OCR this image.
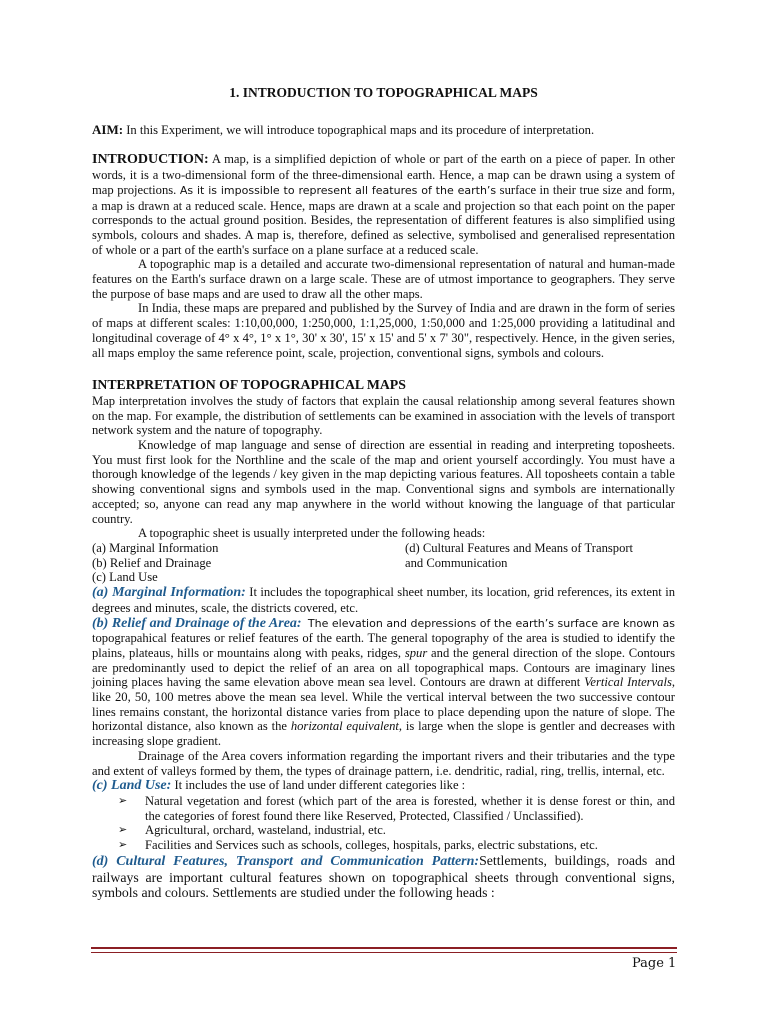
1. INTRODUCTION TO TOPOGRAPHICAL MAPS
AIM: In this Experiment, we will introduce topographical maps and its procedure of interpretation.

INTRODUCTION: A map, is a simplified depiction of whole or part of the earth on a piece of paper. In other words, it is a two-dimensional form of the three-dimensional earth. Hence, a map can be drawn using a system of map projections. As it is impossible to represent all features of the earth’s surface in their true size and form, a map is drawn at a reduced scale. Hence, maps are drawn at a scale and projection so that each point on the paper corresponds to the actual ground position. Besides, the representation of different features is also simplified using symbols, colours and shades. A map is, therefore, defined as selective, symbolised and generalised representation of whole or a part of the earth's surface on a plane surface at a reduced scale.

A topographic map is a detailed and accurate two-dimensional representation of natural and human-made features on the Earth's surface drawn on a large scale. These are of utmost importance to geographers. They serve the purpose of base maps and are used to draw all the other maps.

In India, these maps are prepared and published by the Survey of India and are drawn in the form of series of maps at different scales: 1:10,00,000, 1:250,000, 1:1,25,000, 1:50,000 and 1:25,000 providing a latitudinal and longitudinal coverage of 4° x 4°, 1° x 1°, 30' x 30', 15' x 15' and 5' x 7' 30", respectively. Hence, in the given series, all maps employ the same reference point, scale, projection, conventional signs, symbols and colours.

INTERPRETATION OF TOPOGRAPHICAL MAPS

Map interpretation involves the study of factors that explain the causal relationship among several features shown on the map. For example, the distribution of settlements can be examined in association with the levels of transport network system and the nature of topography.

Knowledge of map language and sense of direction are essential in reading and interpreting toposheets. You must first look for the Northline and the scale of the map and orient yourself accordingly. You must have a thorough knowledge of the legends / key given in the map depicting various features. All toposheets contain a table showing conventional signs and symbols used in the map. Conventional signs and symbols are internationally accepted; so, anyone can read any map anywhere in the world without knowing the language of that particular country.

A topographic sheet is usually interpreted under the following heads:

(a) Marginal Information	(d) Cultural Features and Means of Transport
(b) Relief and Drainage	and Communication
(c) Land Use

(a) Marginal Information: It includes the topographical sheet number, its location, grid references, its extent in degrees and minutes, scale, the districts covered, etc.

(b) Relief and Drainage of the Area: The elevation and depressions of the earth’s surface are known as topograpahical features or relief features of the earth. The general topography of the area is studied to identify the plains, plateaus, hills or mountains along with peaks, ridges, spur and the general direction of the slope. Contours are predominantly used to depict the relief of an area on all topographical maps. Contours are imaginary lines joining places having the same elevation above mean sea level. Contours are drawn at different Vertical Intervals, like 20, 50, 100 metres above the mean sea level. While the vertical interval between the two successive contour lines remains constant, the horizontal distance varies from place to place depending upon the nature of slope. The horizontal distance, also known as the horizontal equivalent, is large when the slope is gentler and decreases with increasing slope gradient.

Drainage of the Area covers information regarding the important rivers and their tributaries and the type and extent of valleys formed by them, the types of drainage pattern, i.e. dendritic, radial, ring, trellis, internal, etc.

(c) Land Use: It includes the use of land under different categories like :

➢ Natural vegetation and forest (which part of the area is forested, whether it is dense forest or thin, and the categories of forest found there like Reserved, Protected, Classified / Unclassified).
➢ Agricultural, orchard, wasteland, industrial, etc.
➢ Facilities and Services such as schools, colleges, hospitals, parks, electric substations, etc.

(d) Cultural Features, Transport and Communication Pattern:Settlements, buildings, roads and railways are important cultural features shown on topographical sheets through conventional signs, symbols and colours. Settlements are studied under the following heads :

Page 1
